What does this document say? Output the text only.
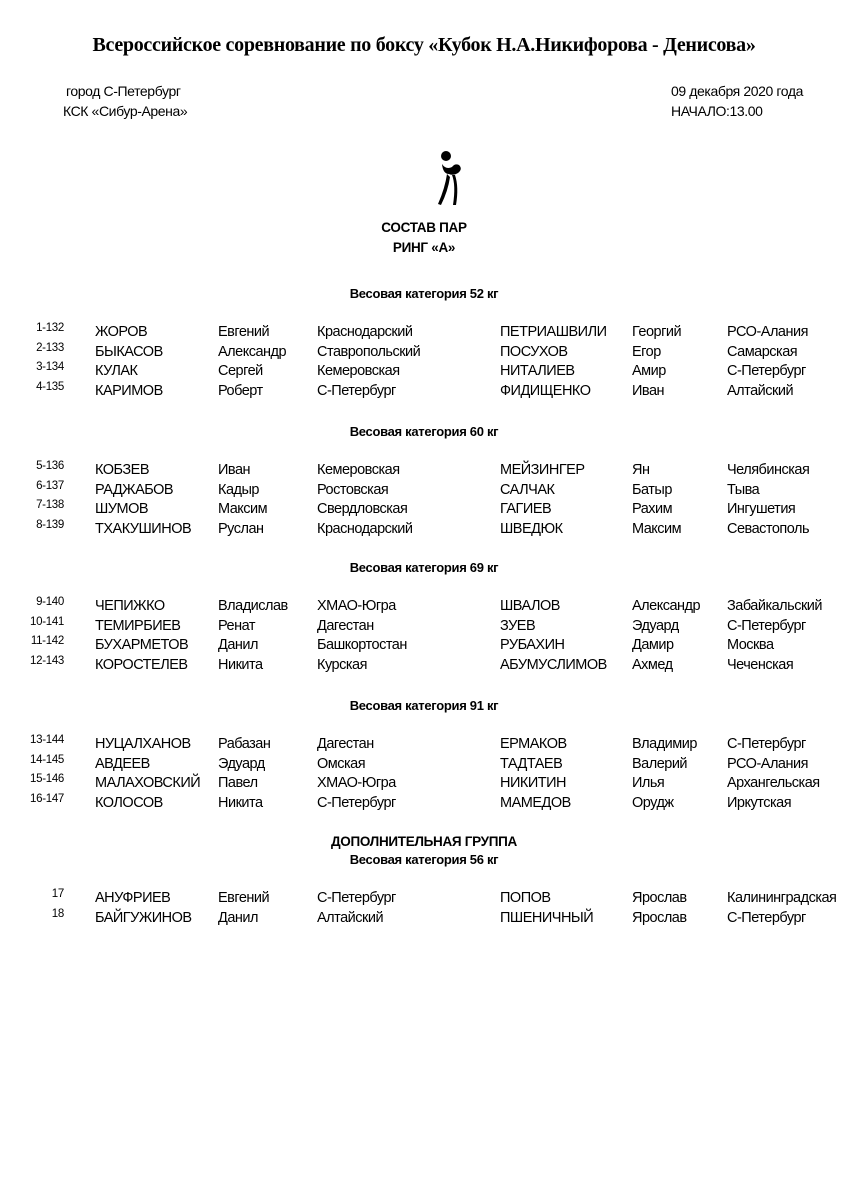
Всероссийское соревнование по боксу «Кубок Н.А.Никифорова - Денисова»
город С-Петербург
КСК «Сибур-Арена»
09 декабря 2020 года
НАЧАЛО:13.00
СОСТАВ ПАР
РИНГ «А»
ДОПОЛНИТЕЛЬНАЯ ГРУППА
Весовая категория 52 кг
1-132 ЖОРОВ	Евгений	Краснодарский	ПЕТРИАШВИЛИ Георгий	РСО-Алания
2-133 БЫКАСОВ	Александр Ставропольский	ПОСУХОВ	Егор	Самарская
3-134 КУЛАК	Сергей	Кемеровская	НИТАЛИЕВ	Амир	С-Петербург
4-135 КАРИМОВ	Роберт	С-Петербург	ФИДИЩЕНКО	Иван	Алтайский
Весовая категория 60 кг
5-136 КОБЗЕВ	Иван	Кемеровская	МЕЙЗИНГЕР	Ян	Челябинская
6-137 РАДЖАБОВ	Кадыр	Ростовская	САЛЧАК	Батыр	Тыва
7-138 ШУМОВ	Максим	Свердловская	ГАГИЕВ	Рахим	Ингушетия
8-139 ТХАКУШИНОВ Руслан	Краснодарский	ШВЕДЮК	Максим	Севастополь
Весовая категория 69 кг
9-140 ЧЕПИЖКО	Владислав ХМАО-Югра	ШВАЛОВ	Александр Забайкальский
10-141 ТЕМИРБИЕВ	Ренат	Дагестан	ЗУЕВ	Эдуард	С-Петербург
11-142 БУХАРМЕТОВ Данил	Башкортостан	РУБАХИН	Дамир	Москва
12-143 КОРОСТЕЛЕВ Никита	Курская	АБУМУСЛИМОВ Ахмед	Чеченская
Весовая категория 91 кг
13-144 НУЦАЛХАНОВ Рабазан	Дагестан	ЕРМАКОВ	Владимир С-Петербург
14-145 АВДЕЕВ	Эдуард	Омская	ТАДТАЕВ	Валерий	РСО-Алания
15-146 МАЛАХОВСКИЙ Павел	ХМАО-Югра	НИКИТИН	Илья	Архангельская
16-147 КОЛОСОВ	Никита	С-Петербург	МАМЕДОВ	Орудж	Иркутская
Весовая категория 56 кг
17 АНУФРИЕВ	Евгений	С-Петербург	ПОПОВ	Ярослав	Калининградская
18 БАЙГУЖИНОВ Данил	Алтайский	ПШЕНИЧНЫЙ	Ярослав	С-Петербург
